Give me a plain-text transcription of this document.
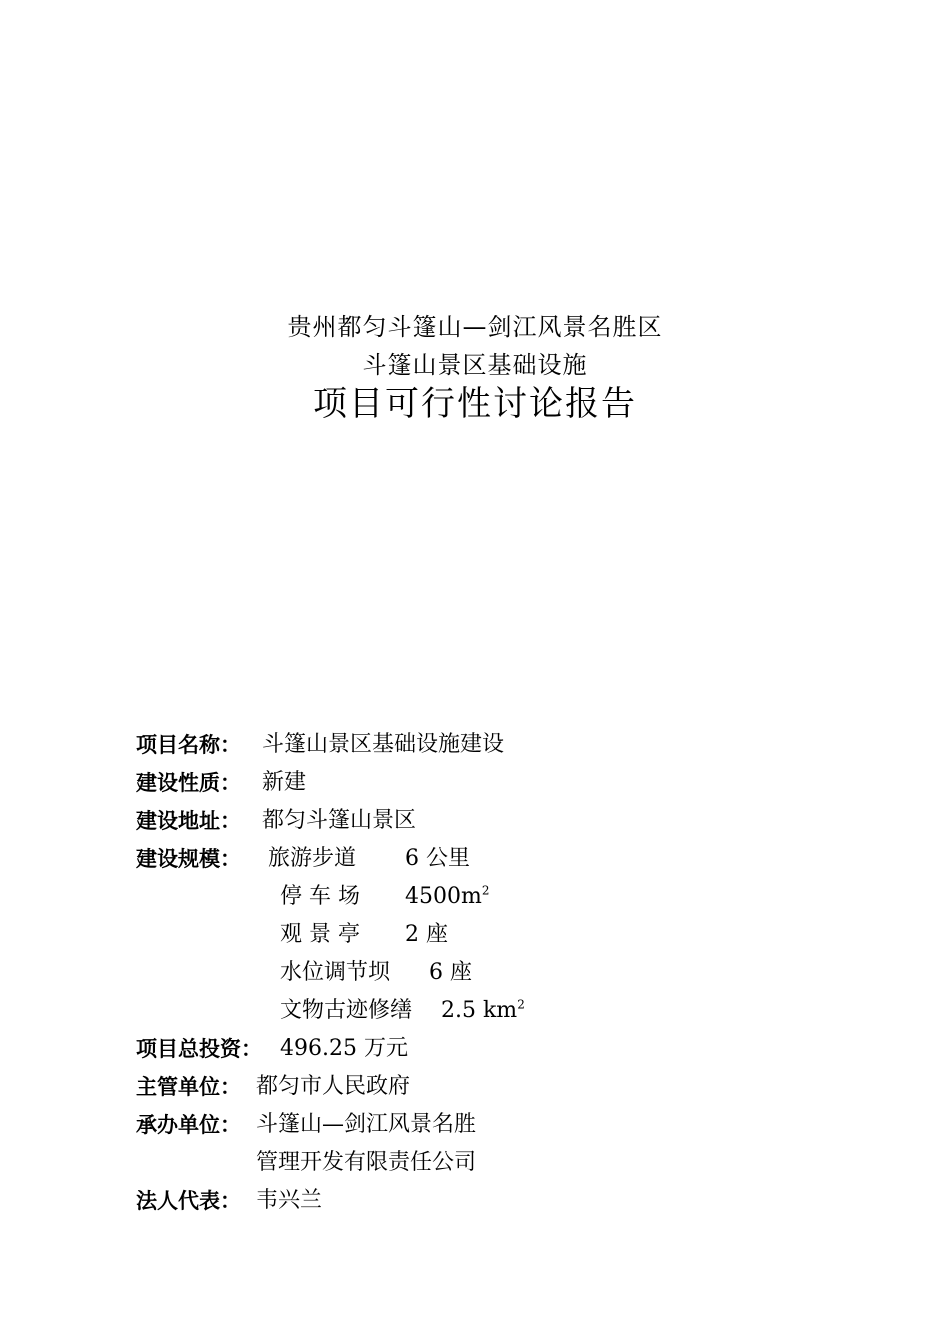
贵州都匀斗篷山—剑江风景名胜区
斗篷山景区基础设施
项目可行性讨论报告
项目名称： 斗篷山景区基础设施建设
建设性质： 新建
建设地址： 都匀斗篷山景区
建设规模： 旅游步道 6 公里
停 车 场 $4500m^2$
观 景 亭 2 座
水位调节坝 6 座
文物古迹修缮 2.5 $km^2$
项目总投资： 496.25 万元
主管单位： 都匀市人民政府
承办单位： 斗篷山—剑江风景名胜
管理开发有限责任公司
法人代表： 韦兴兰
